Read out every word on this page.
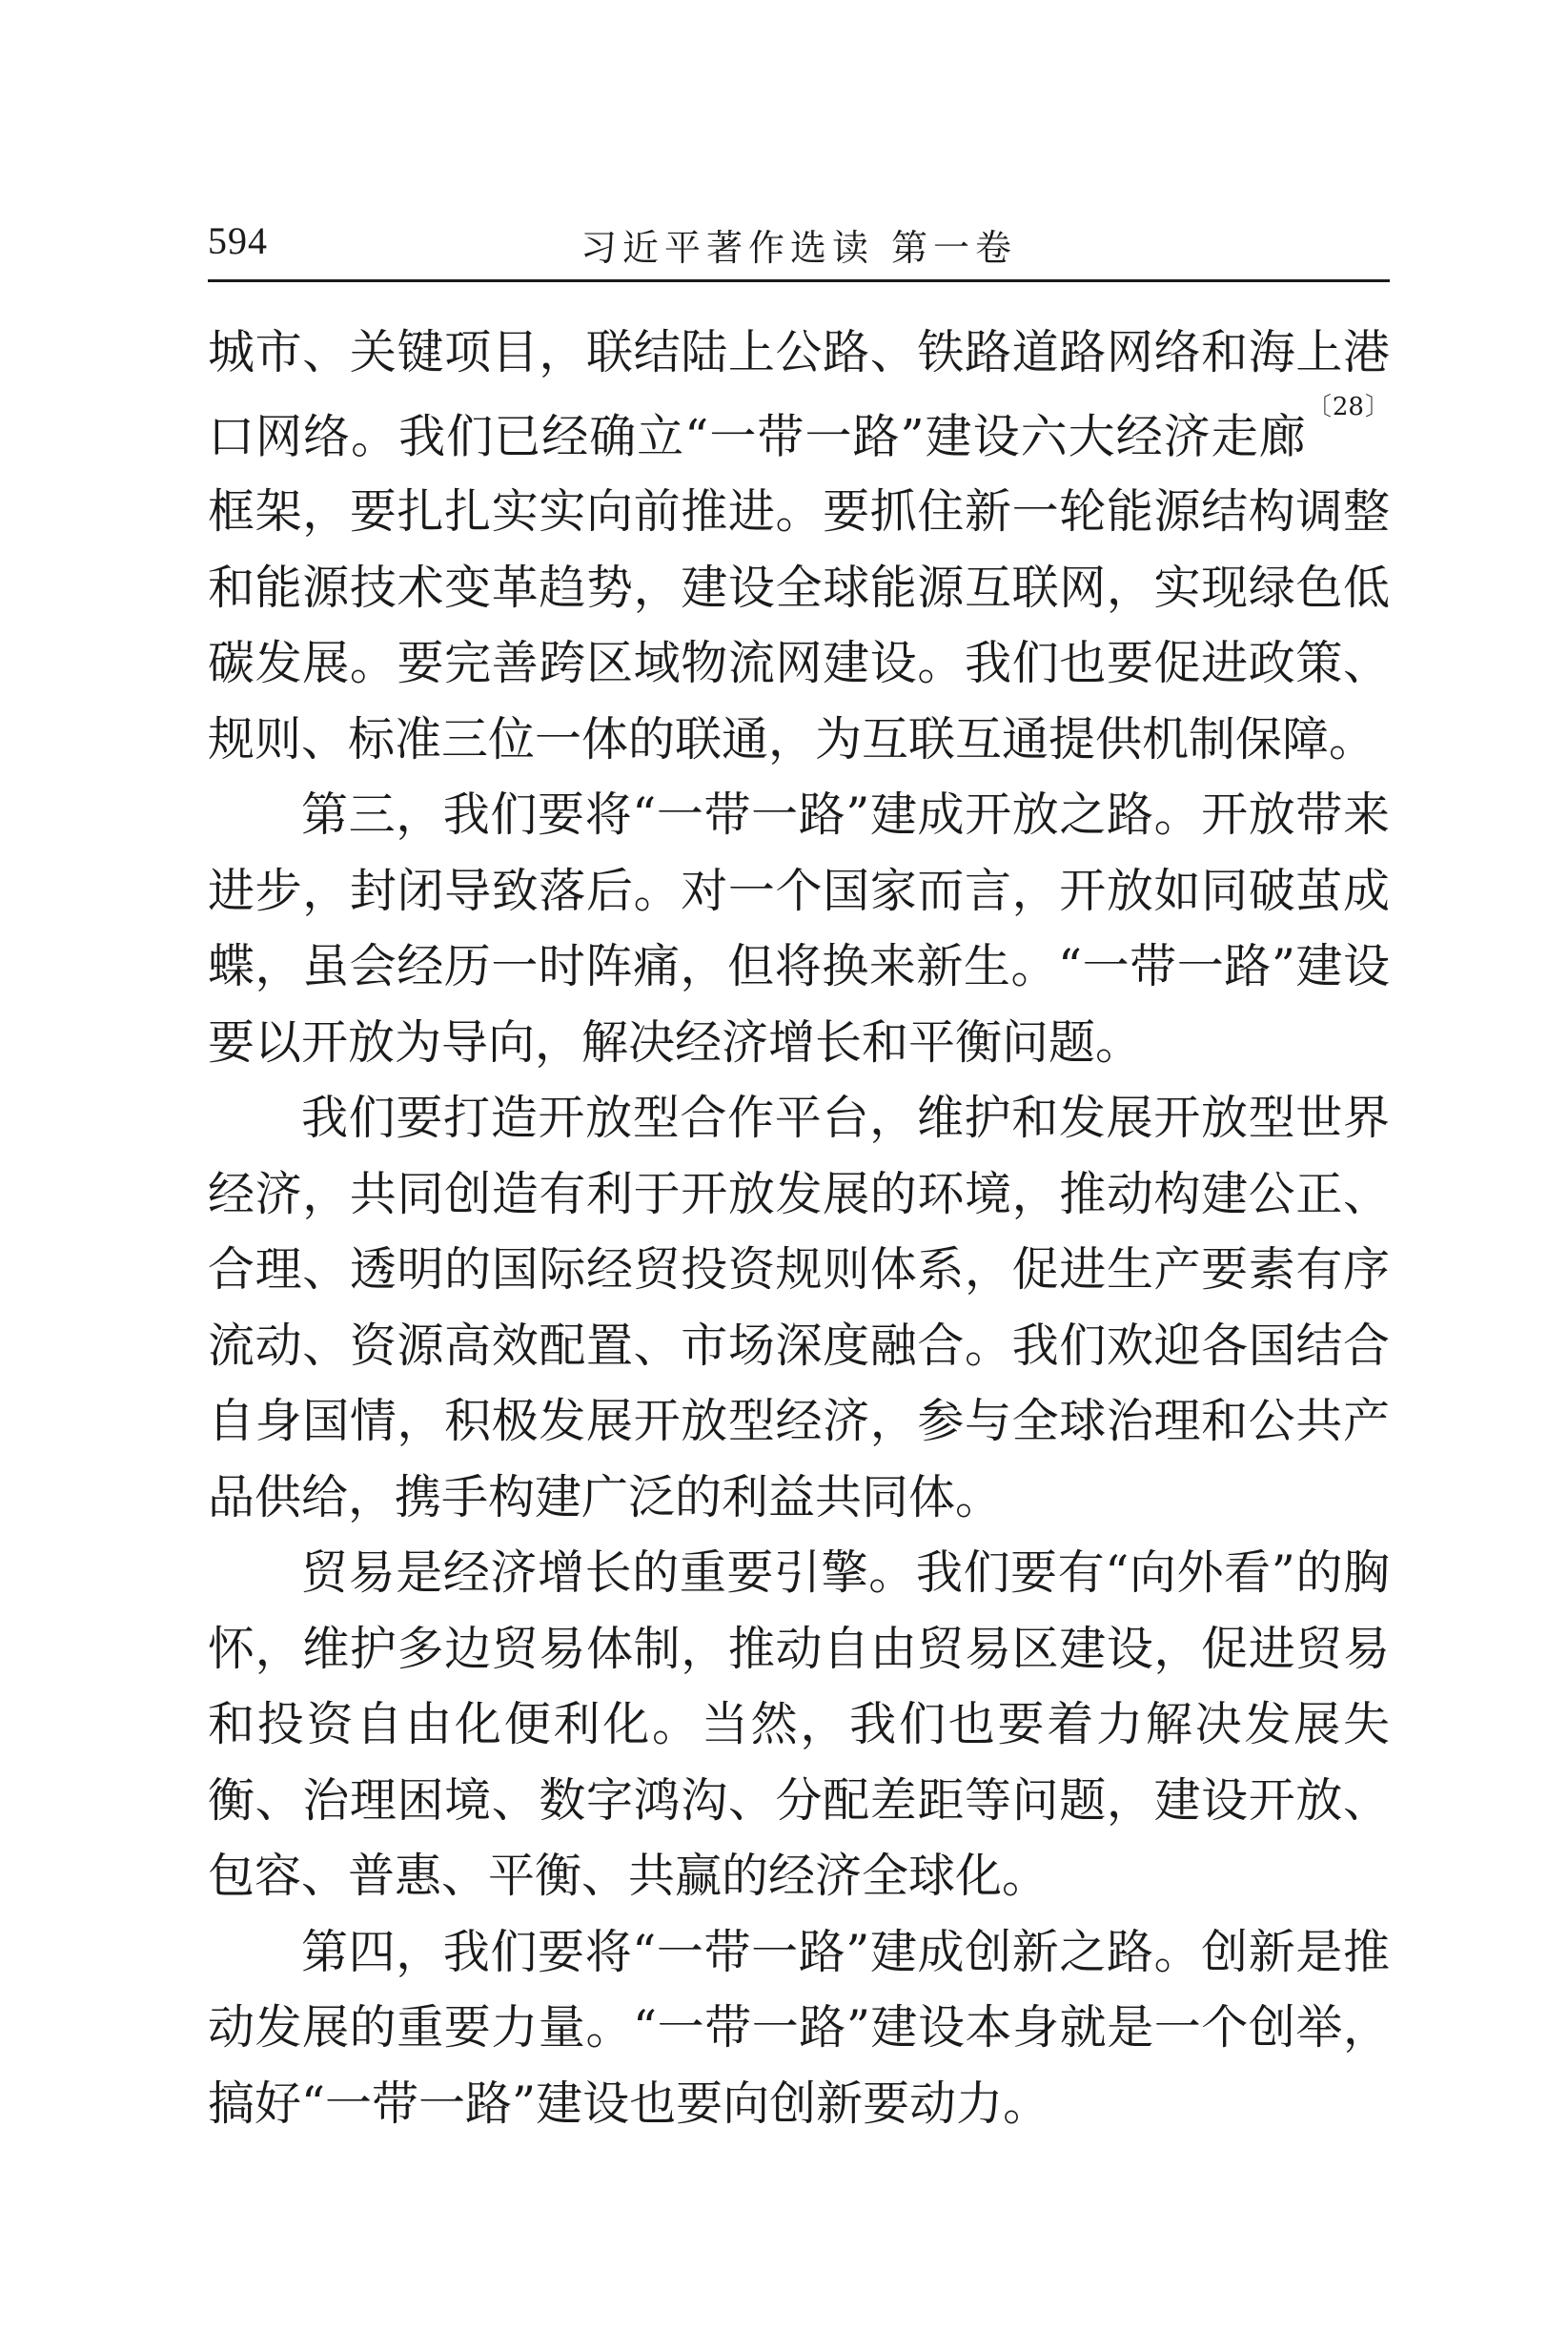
594	习近平著作选读 第一卷

城市、关键项目，联结陆上公路、铁路道路网络和海上港口网络。我们已经确立“一带一路”建设六大经济走廊$^{〔28〕}$框架，要扎扎实实向前推进。要抓住新一轮能源结构调整和能源技术变革趋势，建设全球能源互联网，实现绿色低碳发展。要完善跨区域物流网建设。我们也要促进政策、规则、标准三位一体的联通，为互联互通提供机制保障。

第三，我们要将“一带一路”建成开放之路。开放带来进步，封闭导致落后。对一个国家而言，开放如同破茧成蝶，虽会经历一时阵痛，但将换来新生。“一带一路”建设要以开放为导向，解决经济增长和平衡问题。

我们要打造开放型合作平台，维护和发展开放型世界经济，共同创造有利于开放发展的环境，推动构建公正、合理、透明的国际经贸投资规则体系，促进生产要素有序流动、资源高效配置、市场深度融合。我们欢迎各国结合自身国情，积极发展开放型经济，参与全球治理和公共产品供给，携手构建广泛的利益共同体。

贸易是经济增长的重要引擎。我们要有“向外看”的胸怀，维护多边贸易体制，推动自由贸易区建设，促进贸易和投资自由化便利化。当然，我们也要着力解决发展失衡、治理困境、数字鸿沟、分配差距等问题，建设开放、包容、普惠、平衡、共赢的经济全球化。

第四，我们要将“一带一路”建成创新之路。创新是推动发展的重要力量。“一带一路”建设本身就是一个创举，搞好“一带一路”建设也要向创新要动力。
